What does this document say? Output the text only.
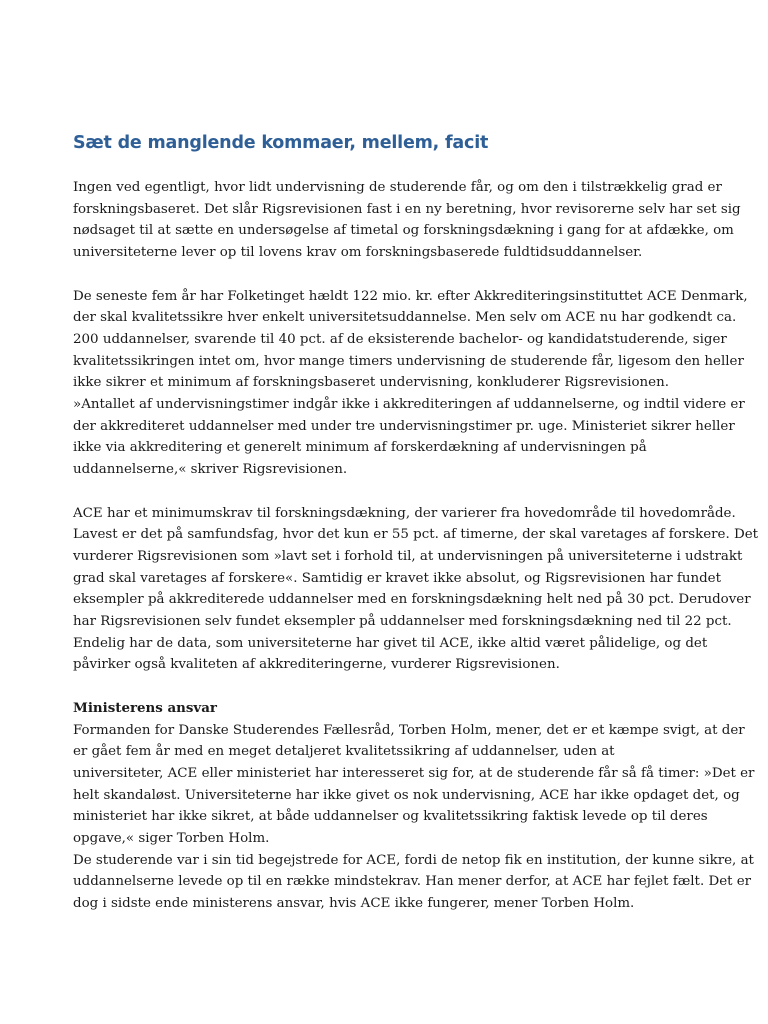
Sæt de manglende kommaer, mellem, facit
Ingen ved egentligt, hvor lidt undervisning de studerende får, og om den i tilstrækkelig grad er
forskningsbaseret. Det slår Rigsrevisionen fast i en ny beretning, hvor revisorerne selv har set sig
nødsaget til at sætte en undersøgelse af timetal og forskningsdækning i gang for at afdække, om
universiteterne lever op til lovens krav om forskningsbaserede fuldtidsuddannelser.
De seneste fem år har Folketinget hældt 122 mio. kr. efter Akkrediteringsinstituttet ACE Denmark,
der skal kvalitetssikre hver enkelt universitetsuddannelse. Men selv om ACE nu har godkendt ca.
200 uddannelser, svarende til 40 pct. af de eksisterende bachelor- og kandidatstuderende, siger
kvalitetssikringen intet om, hvor mange timers undervisning de studerende får, ligesom den heller
ikke sikrer et minimum af forskningsbaseret undervisning, konkluderer Rigsrevisionen.
»Antallet af undervisningstimer indgår ikke i akkrediteringen af uddannelserne, og indtil videre er
der akkrediteret uddannelser med under tre undervisningstimer pr. uge. Ministeriet sikrer heller
ikke via akkreditering et generelt minimum af forskerdækning af undervisningen på
uddannelserne,« skriver Rigsrevisionen.
ACE har et minimumskrav til forskningsdækning, der varierer fra hovedområde til hovedområde.
Lavest er det på samfundsfag, hvor det kun er 55 pct. af timerne, der skal varetages af forskere. Det
vurderer Rigsrevisionen som »lavt set i forhold til, at undervisningen på universiteterne i udstrakt
grad skal varetages af forskere«. Samtidig er kravet ikke absolut, og Rigsrevisionen har fundet
eksempler på akkrediterede uddannelser med en forskningsdækning helt ned på 30 pct. Derudover
har Rigsrevisionen selv fundet eksempler på uddannelser med forskningsdækning ned til 22 pct.
Endelig har de data, som universiteterne har givet til ACE, ikke altid været pålidelige, og det
påvirker også kvaliteten af akkrediteringerne, vurderer Rigsrevisionen.
Ministerens ansvar
Formanden for Danske Studerendes Fællesråd, Torben Holm, mener, det er et kæmpe svigt, at der
er gået fem år med en meget detaljeret kvalitetssikring af uddannelser, uden at
universiteter, ACE eller ministeriet har interesseret sig for, at de studerende får så få timer: »Det er
helt skandaløst. Universiteterne har ikke givet os nok undervisning, ACE har ikke opdaget det, og
ministeriet har ikke sikret, at både uddannelser og kvalitetssikring faktisk levede op til deres
opgave,« siger Torben Holm.
De studerende var i sin tid begejstrede for ACE, fordi de netop fik en institution, der kunne sikre, at
uddannelserne levede op til en række mindstekrav. Han mener derfor, at ACE har fejlet fælt. Det er
dog i sidste ende ministerens ansvar, hvis ACE ikke fungerer, mener Torben Holm.
